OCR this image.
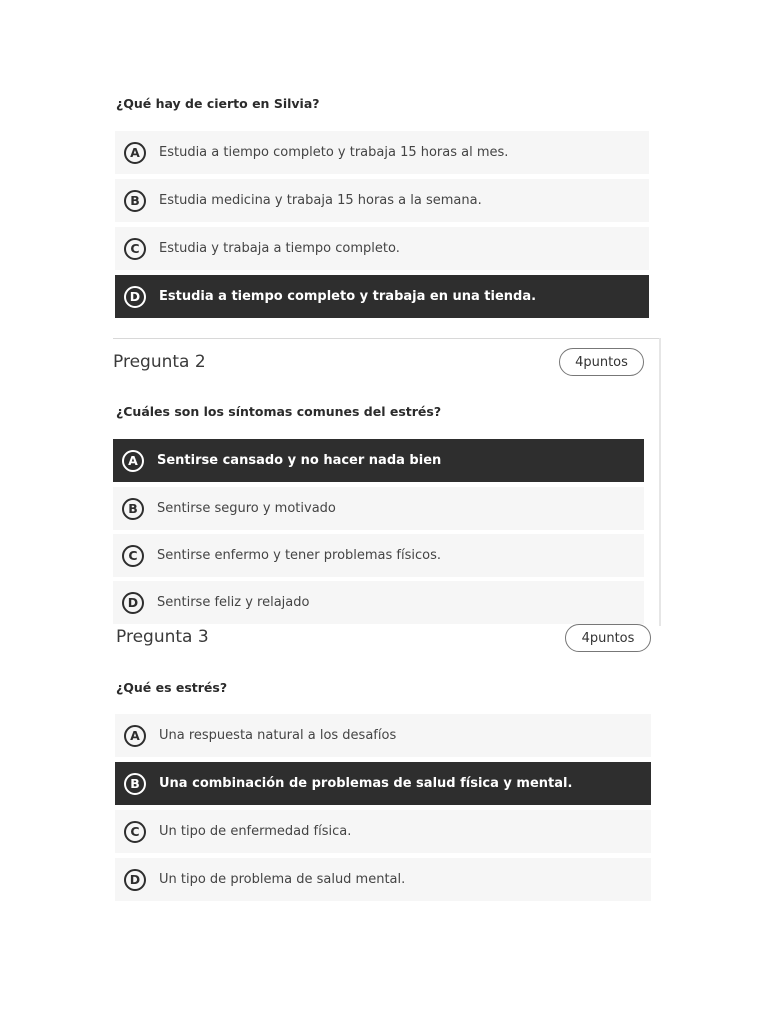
¿Qué hay de cierto en Silvia?
A	Estudia a tiempo completo y trabaja 15 horas al mes.
B	Estudia medicina y trabaja 15 horas a la semana.
C	Estudia y trabaja a tiempo completo.
D	Estudia a tiempo completo y trabaja en una tienda.
Pregunta 2	4puntos
¿Cuáles son los síntomas comunes del estrés?
A	Sentirse cansado y no hacer nada bien
B	Sentirse seguro y motivado
C	Sentirse enfermo y tener problemas físicos.
D	Sentirse feliz y relajado
Pregunta 3	4puntos
¿Qué es estrés?
A	Una respuesta natural a los desafíos
B	Una combinación de problemas de salud física y mental.
C	Un tipo de enfermedad física.
D	Un tipo de problema de salud mental.
